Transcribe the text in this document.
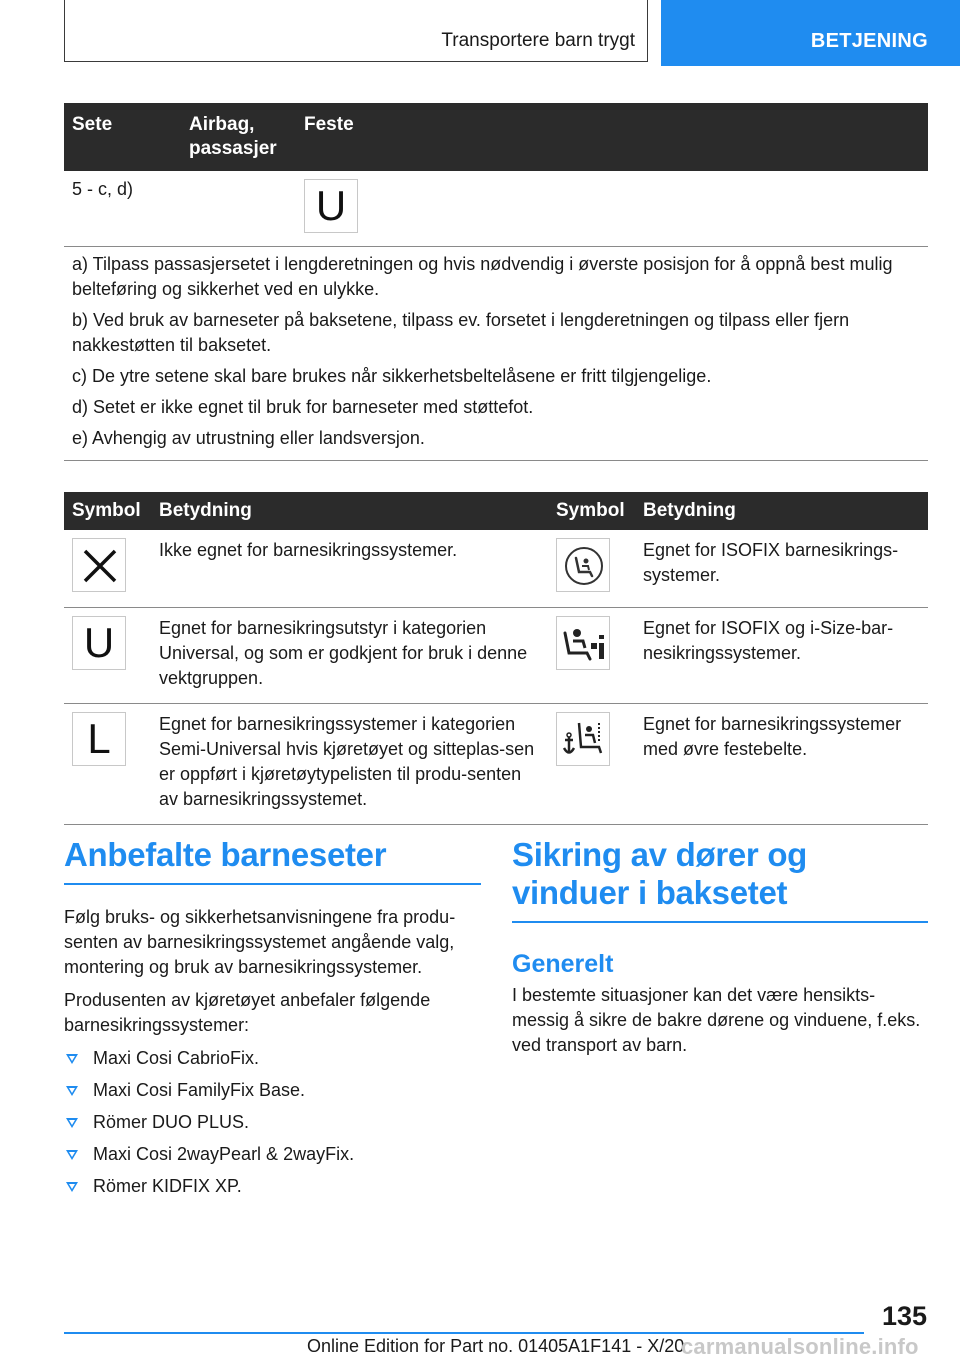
Transportere barn trygt	BETJENING
Sete	Airbag, passasjer	Feste
5 - c, d)		U

a) Tilpass passasjersetet i lengderetningen og hvis nødvendig i øverste posisjon for å oppnå best mulig belteføring og sikkerhet ved en ulykke.

b) Ved bruk av barneseter på baksetene, tilpass ev. forsetet i lengderetningen og tilpass eller fjern nakkestøtten til baksetet.

c) De ytre setene skal bare brukes når sikkerhetsbeltelåsene er fritt tilgjengelige.

d) Setet er ikke egnet til bruk for barneseter med støttefot.

e) Avhengig av utrustning eller landsversjon.

Symbol	Betydning	Symbol	Betydning

	Ikke egnet for barnesikringssystemer.		Egnet for ISOFIX barnesikrings-systemer.

U	Egnet for barnesikringsutstyr i kategorien Universal, og som er godkjent for bruk i denne vektgruppen.		Egnet for ISOFIX og i-Size-bar-nesikringssystemer.

L	Egnet for barnesikringssystemer i kategorien Semi-Universal hvis kjøretøyet og sitteplas-sen er oppført i kjøretøytypelisten til produ-senten av barnesikringssystemet.		Egnet for barnesikringssystemer med øvre festebelte.
Anbefalte barneseter

Følg bruks- og sikkerhetsanvisningene fra produ-senten av barnesikringssystemet angående valg, montering og bruk av barnesikringssystemer.

Produsenten av kjøretøyet anbefaler følgende barnesikringssystemer:

Maxi Cosi CabrioFix.
Maxi Cosi FamilyFix Base.
Römer DUO PLUS.
Maxi Cosi 2wayPearl & 2wayFix.
Römer KIDFIX XP.
Sikring av dører og vinduer i baksetet
Generelt

I bestemte situasjoner kan det være hensikts-messig å sikre de bakre dørene og vinduene, f.eks. ved transport av barn.

135
Online Edition for Part no. 01405A1F141 - X/20
carmanualsonline.info
